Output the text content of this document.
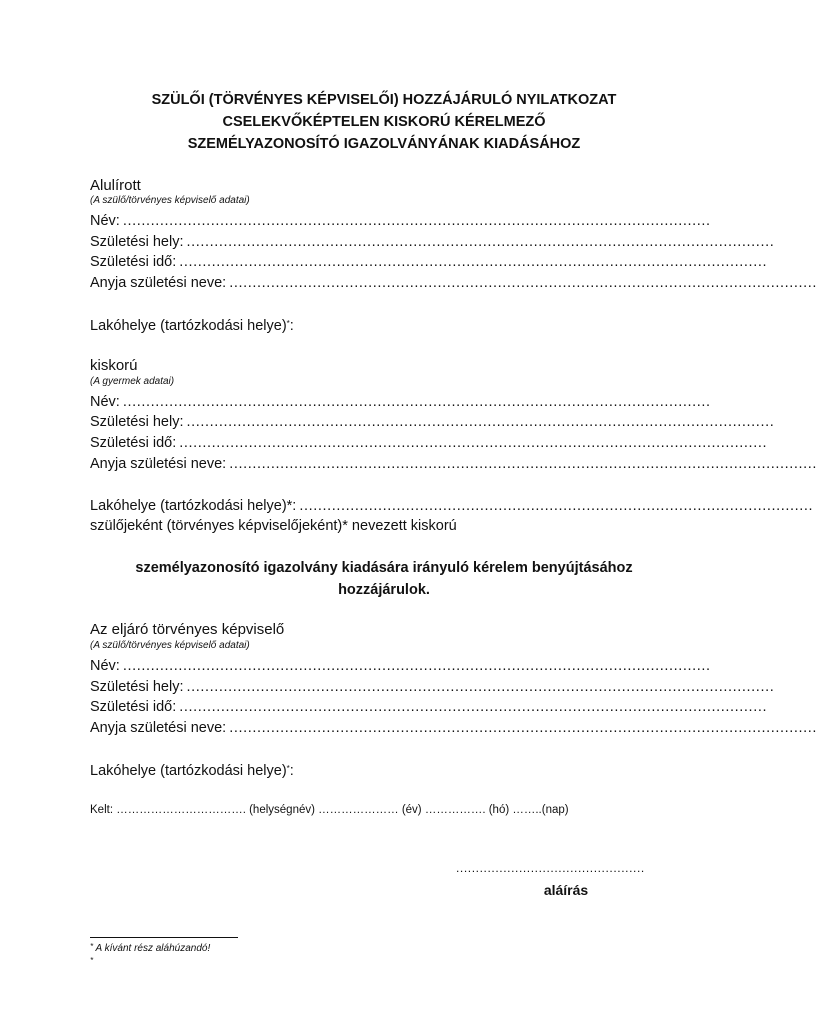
SZÜLŐI (TÖRVÉNYES KÉPVISELŐI) HOZZÁJÁRULÓ NYILATKOZAT
CSELEKVŐKÉPTELEN KISKORÚ KÉRELMEZŐ
SZEMÉLYAZONOSÍTÓ IGAZOLVÁNYÁNAK KIADÁSÁHOZ
Alulírott
(A szülő/törvényes képviselő adatai)
Név: ...............................................................................................................................
Születési hely: ...............................................................................................................................
Születési idő: ...............................................................................................................................
Anyja születési neve: ...............................................................................................................................
Lakóhelye (tartózkodási helye)*:
kiskorú
(A gyermek adatai)
Név: ...............................................................................................................................
Születési hely: ...............................................................................................................................
Születési idő: ...............................................................................................................................
Anyja születési neve: ...............................................................................................................................
Lakóhelye (tartózkodási helye)*: ...............................................................................................................
szülőjeként (törvényes képviselőjeként)* nevezett kiskorú
személyazonosító igazolvány kiadására irányuló kérelem benyújtásához
hozzájárulok.
Az eljáró törvényes képviselő
(A szülő/törvényes képviselő adatai)
Név: ...............................................................................................................................
Születési hely: ...............................................................................................................................
Születési idő: ...............................................................................................................................
Anyja születési neve: ...............................................................................................................................
Lakóhelye (tartózkodási helye)*:
Kelt: ……………………………. (helységnév) ………………… (év) ……………. (hó) ……..(nap)
................................................
aláírás
* A kívánt rész aláhúzandó!
*
